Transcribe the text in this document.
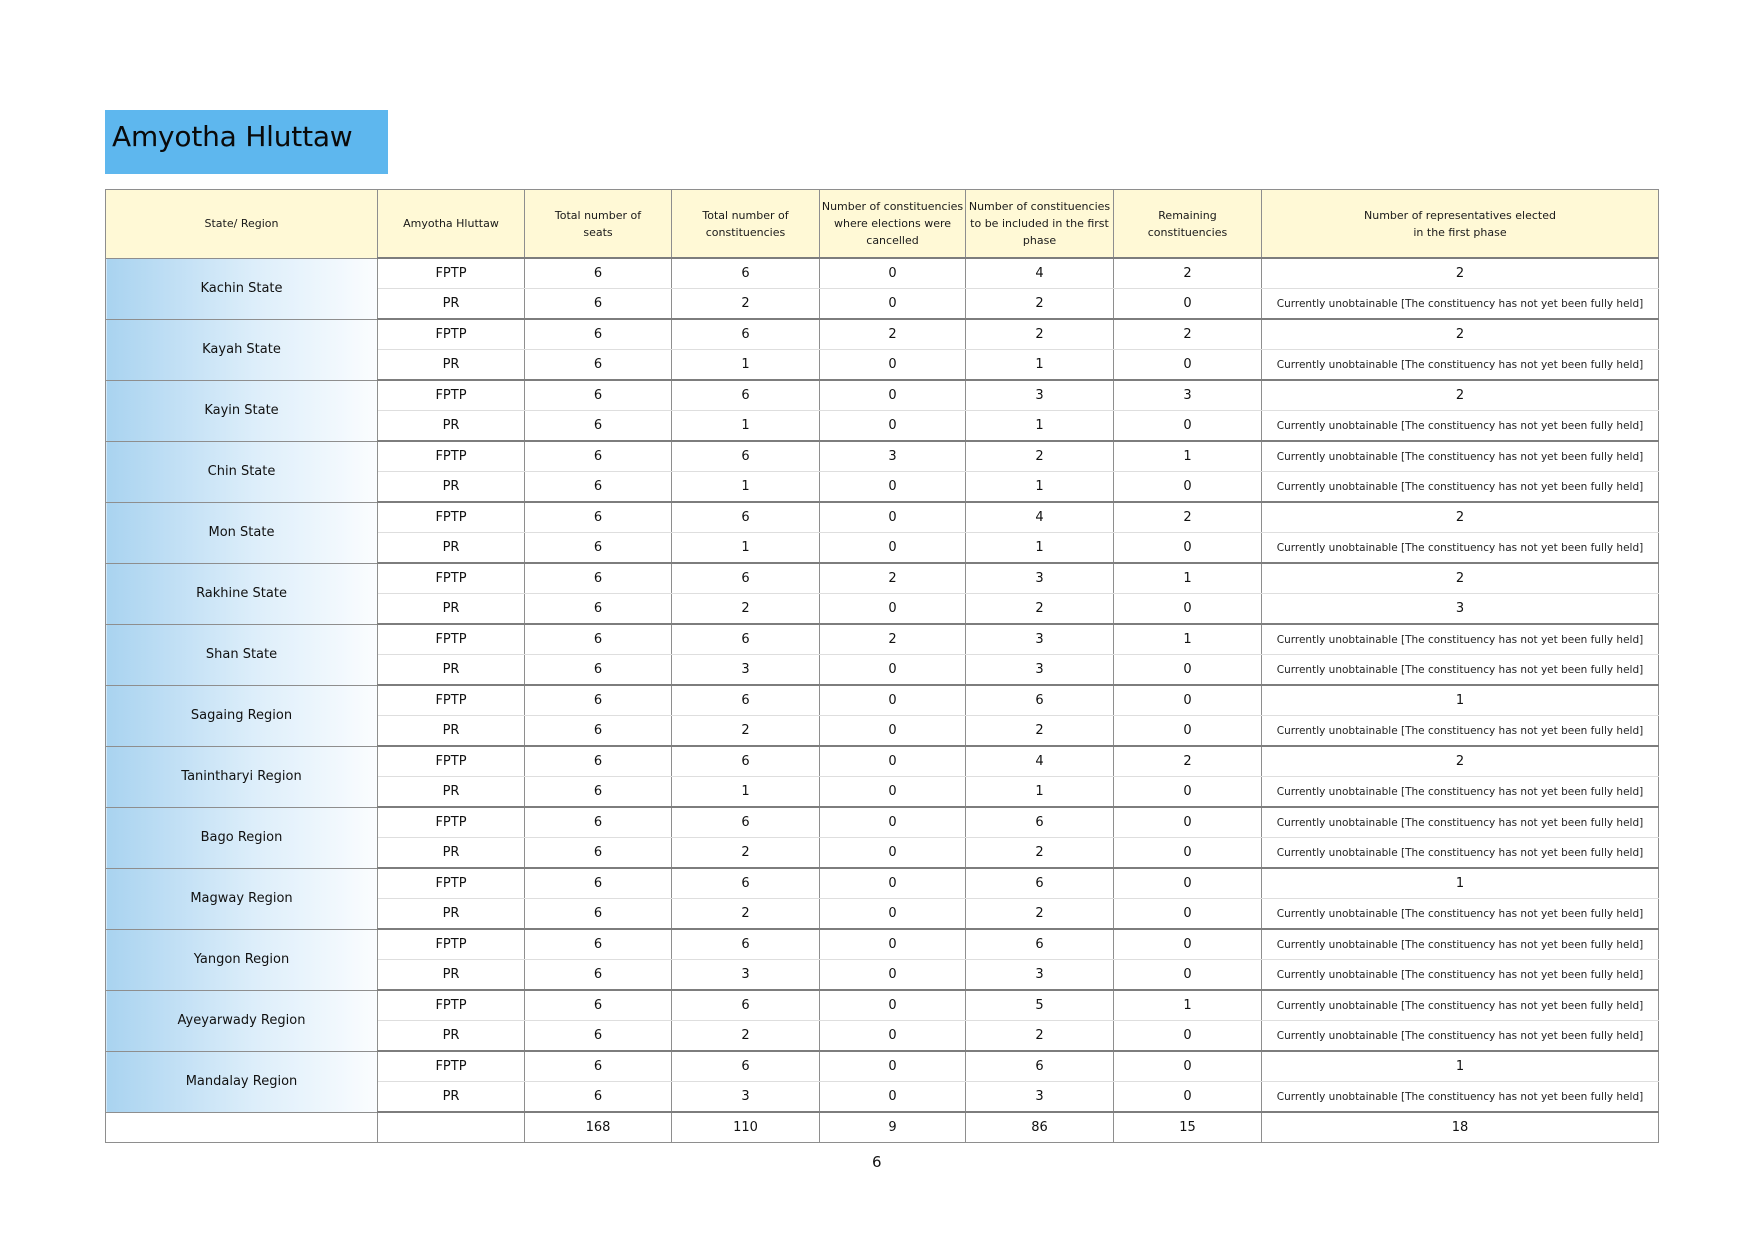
Amyotha Hluttaw
State/ Region	Amyotha Hluttaw	Total number of seats	Total number of constituencies	Number of constituencies where elections were cancelled	Number of constituencies to be included in the first phase	Remaining constituencies	Number of representatives elected in the first phase
Kachin State	FPTP	6	6	0	4	2	2
	PR	6	2	0	2	0	Currently unobtainable [The constituency has not yet been fully held]
Kayah State	FPTP	6	6	2	2	2	2
	PR	6	1	0	1	0	Currently unobtainable [The constituency has not yet been fully held]
Kayin State	FPTP	6	6	0	3	3	2
	PR	6	1	0	1	0	Currently unobtainable [The constituency has not yet been fully held]
Chin State	FPTP	6	6	3	2	1	Currently unobtainable [The constituency has not yet been fully held]
	PR	6	1	0	1	0	Currently unobtainable [The constituency has not yet been fully held]
Mon State	FPTP	6	6	0	4	2	2
	PR	6	1	0	1	0	Currently unobtainable [The constituency has not yet been fully held]
Rakhine State	FPTP	6	6	2	3	1	2
	PR	6	2	0	2	0	3
Shan State	FPTP	6	6	2	3	1	Currently unobtainable [The constituency has not yet been fully held]
	PR	6	3	0	3	0	Currently unobtainable [The constituency has not yet been fully held]
Sagaing Region	FPTP	6	6	0	6	0	1
	PR	6	2	0	2	0	Currently unobtainable [The constituency has not yet been fully held]
Tanintharyi Region	FPTP	6	6	0	4	2	2
	PR	6	1	0	1	0	Currently unobtainable [The constituency has not yet been fully held]
Bago Region	FPTP	6	6	0	6	0	Currently unobtainable [The constituency has not yet been fully held]
	PR	6	2	0	2	0	Currently unobtainable [The constituency has not yet been fully held]
Magway Region	FPTP	6	6	0	6	0	1
	PR	6	2	0	2	0	Currently unobtainable [The constituency has not yet been fully held]
Yangon Region	FPTP	6	6	0	6	0	Currently unobtainable [The constituency has not yet been fully held]
	PR	6	3	0	3	0	Currently unobtainable [The constituency has not yet been fully held]
Ayeyarwady Region	FPTP	6	6	0	5	1	Currently unobtainable [The constituency has not yet been fully held]
	PR	6	2	0	2	0	Currently unobtainable [The constituency has not yet been fully held]
Mandalay Region	FPTP	6	6	0	6	0	1
	PR	6	3	0	3	0	Currently unobtainable [The constituency has not yet been fully held]
		168	110	9	86	15	18
6
